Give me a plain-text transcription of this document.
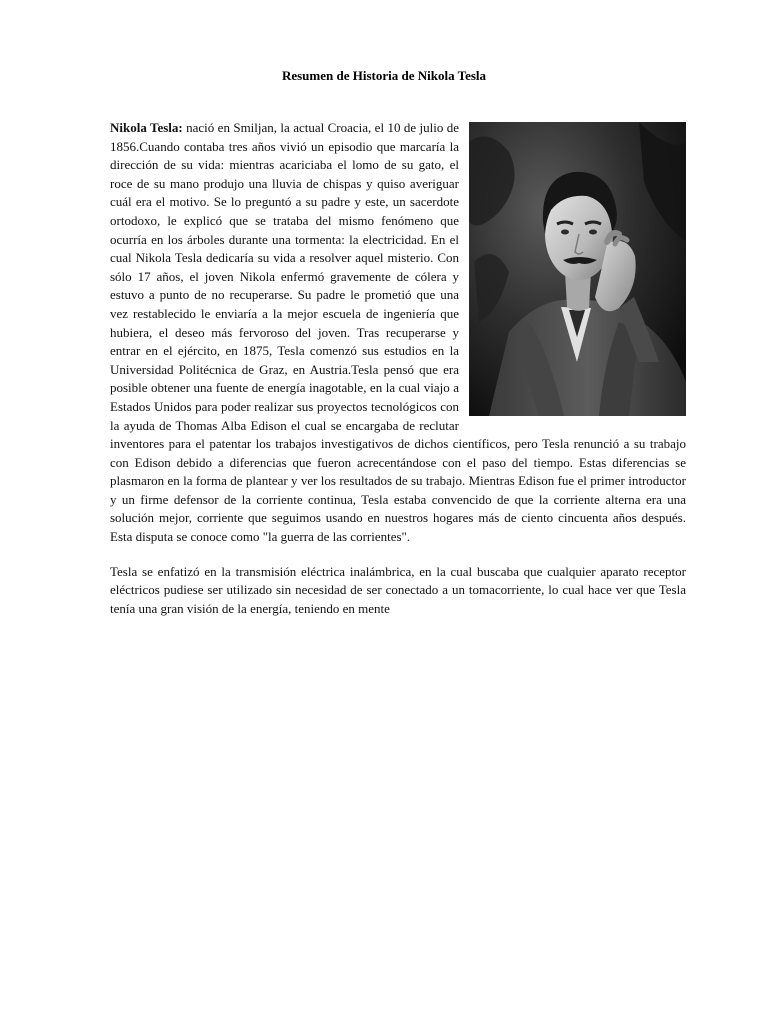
Resumen de Historia de Nikola Tesla

Nikola Tesla: nació en Smiljan, la actual Croacia, el 10 de julio de 1856.Cuando contaba tres años vivió un episodio que marcaría la dirección de su vida: mientras acariciaba el lomo de su gato, el roce de su mano produjo una lluvia de chispas y quiso averiguar cuál era el motivo. Se lo preguntó a su padre y este, un sacerdote ortodoxo, le explicó que se trataba del mismo fenómeno que ocurría en los árboles durante una tormenta: la electricidad. En el cual Nikola Tesla dedicaría su vida a resolver aquel misterio. Con sólo 17 años, el joven Nikola enfermó gravemente de cólera y estuvo a punto de no recuperarse. Su padre le prometió que una vez restablecido le enviaría a la mejor escuela de ingeniería que hubiera, el deseo más fervoroso del joven. Tras recuperarse y entrar en el ejército, en 1875, Tesla comenzó sus estudios en la Universidad Politécnica de Graz, en Austria.Tesla pensó que era posible obtener una fuente de energía inagotable, en la cual viajo a Estados Unidos para poder realizar sus proyectos tecnológicos con la ayuda de Thomas Alba Edison el cual se encargaba de reclutar inventores para el patentar los trabajos investigativos de dichos científicos, pero Tesla renunció a su trabajo con Edison debido a diferencias que fueron acrecentándose con el paso del tiempo. Estas diferencias se plasmaron en la forma de plantear y ver los resultados de su trabajo. Mientras Edison fue el primer introductor y un firme defensor de la corriente continua, Tesla estaba convencido de que la corriente alterna era una solución mejor, corriente que seguimos usando en nuestros hogares más de ciento cincuenta años después. Esta disputa se conoce como "la guerra de las corrientes".

Tesla se enfatizó en la transmisión eléctrica inalámbrica, en la cual buscaba que cualquier aparato receptor eléctricos pudiese ser utilizado sin necesidad de ser conectado a un tomacorriente, lo cual hace ver que Tesla tenía una gran visión de la energía, teniendo en mente
